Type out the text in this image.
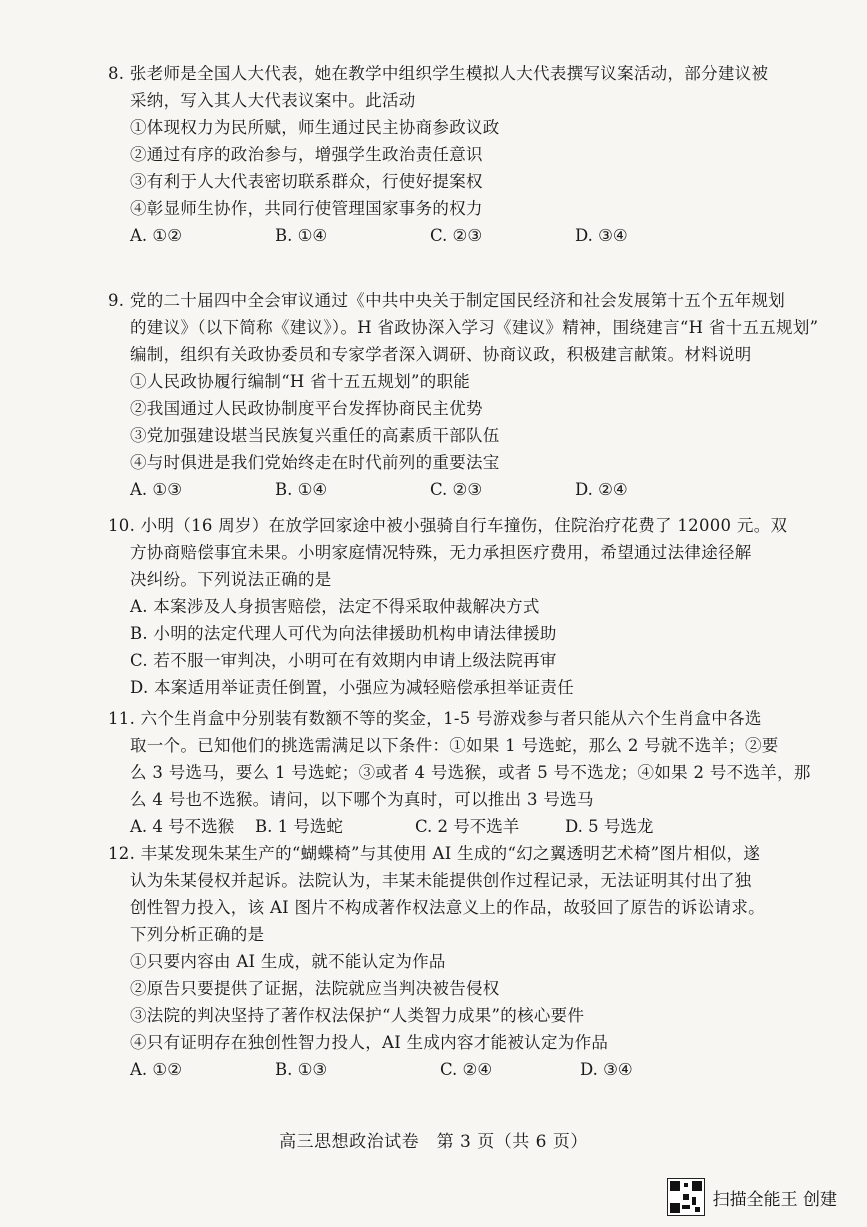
8. 张老师是全国人大代表，她在教学中组织学生模拟人大代表撰写议案活动，部分建议被
采纳，写入其人大代表议案中。此活动
①体现权力为民所赋，师生通过民主协商参政议政
②通过有序的政治参与，增强学生政治责任意识
③有利于人大代表密切联系群众，行使好提案权
④彰显师生协作，共同行使管理国家事务的权力
A. ①②	B. ①④	C. ②③	D. ③④
9. 党的二十届四中全会审议通过《中共中央关于制定国民经济和社会发展第十五个五年规划
的建议》（以下简称《建议》）。H 省政协深入学习《建议》精神，围绕建言“H 省十五五规划”
编制，组织有关政协委员和专家学者深入调研、协商议政，积极建言献策。材料说明
①人民政协履行编制“H 省十五五规划”的职能
②我国通过人民政协制度平台发挥协商民主优势
③党加强建设堪当民族复兴重任的高素质干部队伍
④与时俱进是我们党始终走在时代前列的重要法宝
A. ①③	B. ①④	C. ②③	D. ②④
10. 小明（16 周岁）在放学回家途中被小强骑自行车撞伤，住院治疗花费了 12000 元。双
方协商赔偿事宜未果。小明家庭情况特殊，无力承担医疗费用，希望通过法律途径解
决纠纷。下列说法正确的是
A. 本案涉及人身损害赔偿，法定不得采取仲裁解决方式
B. 小明的法定代理人可代为向法律援助机构申请法律援助
C. 若不服一审判决，小明可在有效期内申请上级法院再审
D. 本案适用举证责任倒置，小强应为减轻赔偿承担举证责任
11. 六个生肖盒中分别装有数额不等的奖金，1-5 号游戏参与者只能从六个生肖盒中各选
取一个。已知他们的挑选需满足以下条件：①如果 1 号选蛇，那么 2 号就不选羊；②要
么 3 号选马，要么 1 号选蛇；③或者 4 号选猴，或者 5 号不选龙；④如果 2 号不选羊，那
么 4 号也不选猴。请问，以下哪个为真时，可以推出 3 号选马
A. 4 号不选猴	B. 1 号选蛇	C. 2 号不选羊	D. 5 号选龙
12. 丰某发现朱某生产的“蝴蝶椅”与其使用 AI 生成的“幻之翼透明艺术椅”图片相似，遂
认为朱某侵权并起诉。法院认为，丰某未能提供创作过程记录，无法证明其付出了独
创性智力投入，该 AI 图片不构成著作权法意义上的作品，故驳回了原告的诉讼请求。
下列分析正确的是
①只要内容由 AI 生成，就不能认定为作品
②原告只要提供了证据，法院就应当判决被告侵权
③法院的判决坚持了著作权法保护“人类智力成果”的核心要件
④只有证明存在独创性智力投人，AI 生成内容才能被认定为作品
A. ①②	B. ①③	C. ②④	D. ③④
高三思想政治试卷　第 3 页（共 6 页）
扫描全能王 创建
